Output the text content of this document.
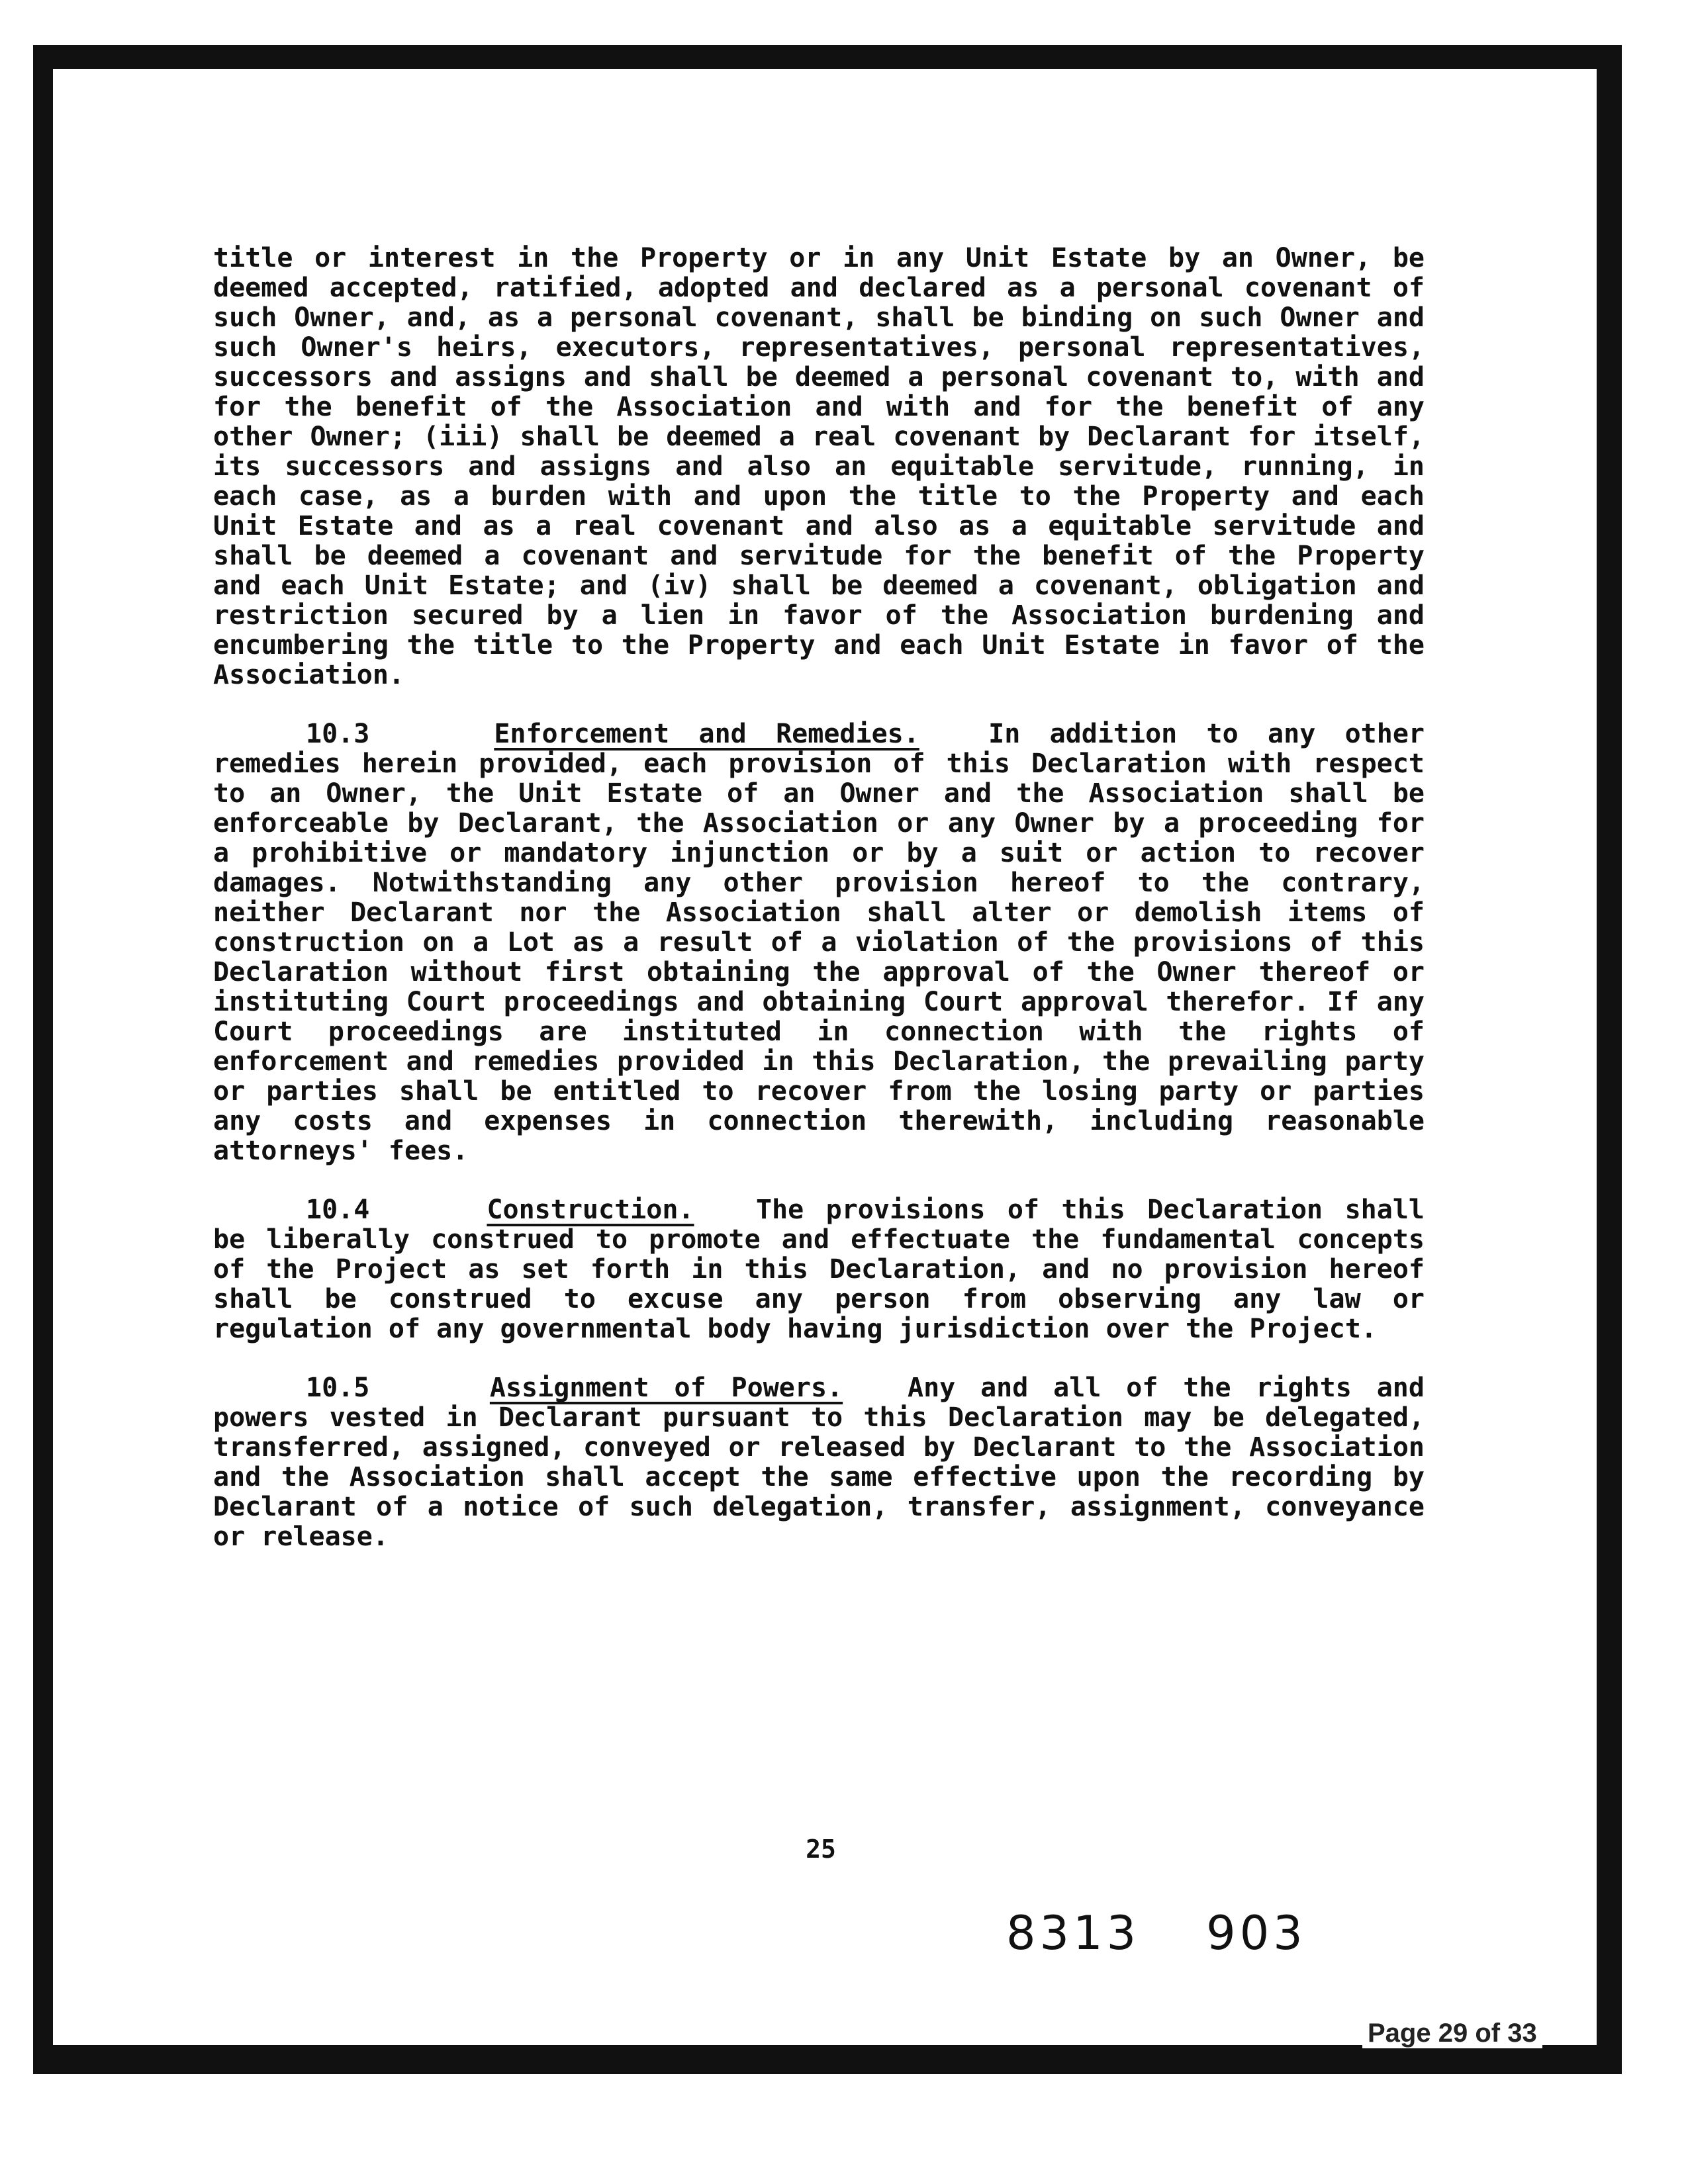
title or interest in the Property or in any Unit Estate by an Owner, be deemed accepted, ratified, adopted and declared as a personal covenant of such Owner, and, as a personal covenant, shall be binding on such Owner and such Owner's heirs, executors, representatives, personal representatives, successors and assigns and shall be deemed a personal covenant to, with and for the benefit of the Association and with and for the benefit of any other Owner; (iii) shall be deemed a real covenant by Declarant for itself, its successors and assigns and also an equitable servitude, running, in each case, as a burden with and upon the title to the Property and each Unit Estate and as a real covenant and also as a equitable servitude and shall be deemed a covenant and servitude for the benefit of the Property and each Unit Estate; and (iv) shall be deemed a covenant, obligation and restriction secured by a lien in favor of the Association burdening and encumbering the title to the Property and each Unit Estate in favor of the Association.

10.3	Enforcement and Remedies.	In addition to any other remedies herein provided, each provision of this Declaration with respect to an Owner, the Unit Estate of an Owner and the Association shall be enforceable by Declarant, the Association or any Owner by a proceeding for a prohibitive or mandatory injunction or by a suit or action to recover damages. Notwithstanding any other provision hereof to the contrary, neither Declarant nor the Association shall alter or demolish items of construction on a Lot as a result of a violation of the provisions of this Declaration without first obtaining the approval of the Owner thereof or instituting Court proceedings and obtaining Court approval therefor. If any Court proceedings are instituted in connection with the rights of enforcement and remedies provided in this Declaration, the prevailing party or parties shall be entitled to recover from the losing party or parties any costs and expenses in connection therewith, including reasonable attorneys' fees.

10.4	Construction. The provisions of this Declaration shall be liberally construed to promote and effectuate the fundamental concepts of the Project as set forth in this Declaration, and no provision hereof shall be construed to excuse any person from observing any law or regulation of any governmental body having jurisdiction over the Project.

10.5	Assignment of Powers. Any and all of the rights and powers vested in Declarant pursuant to this Declaration may be delegated, transferred, assigned, conveyed or released by Declarant to the Association and the Association shall accept the same effective upon the recording by Declarant of a notice of such delegation, transfer, assignment, conveyance or release.

25
8313 903
Page 29 of 33
